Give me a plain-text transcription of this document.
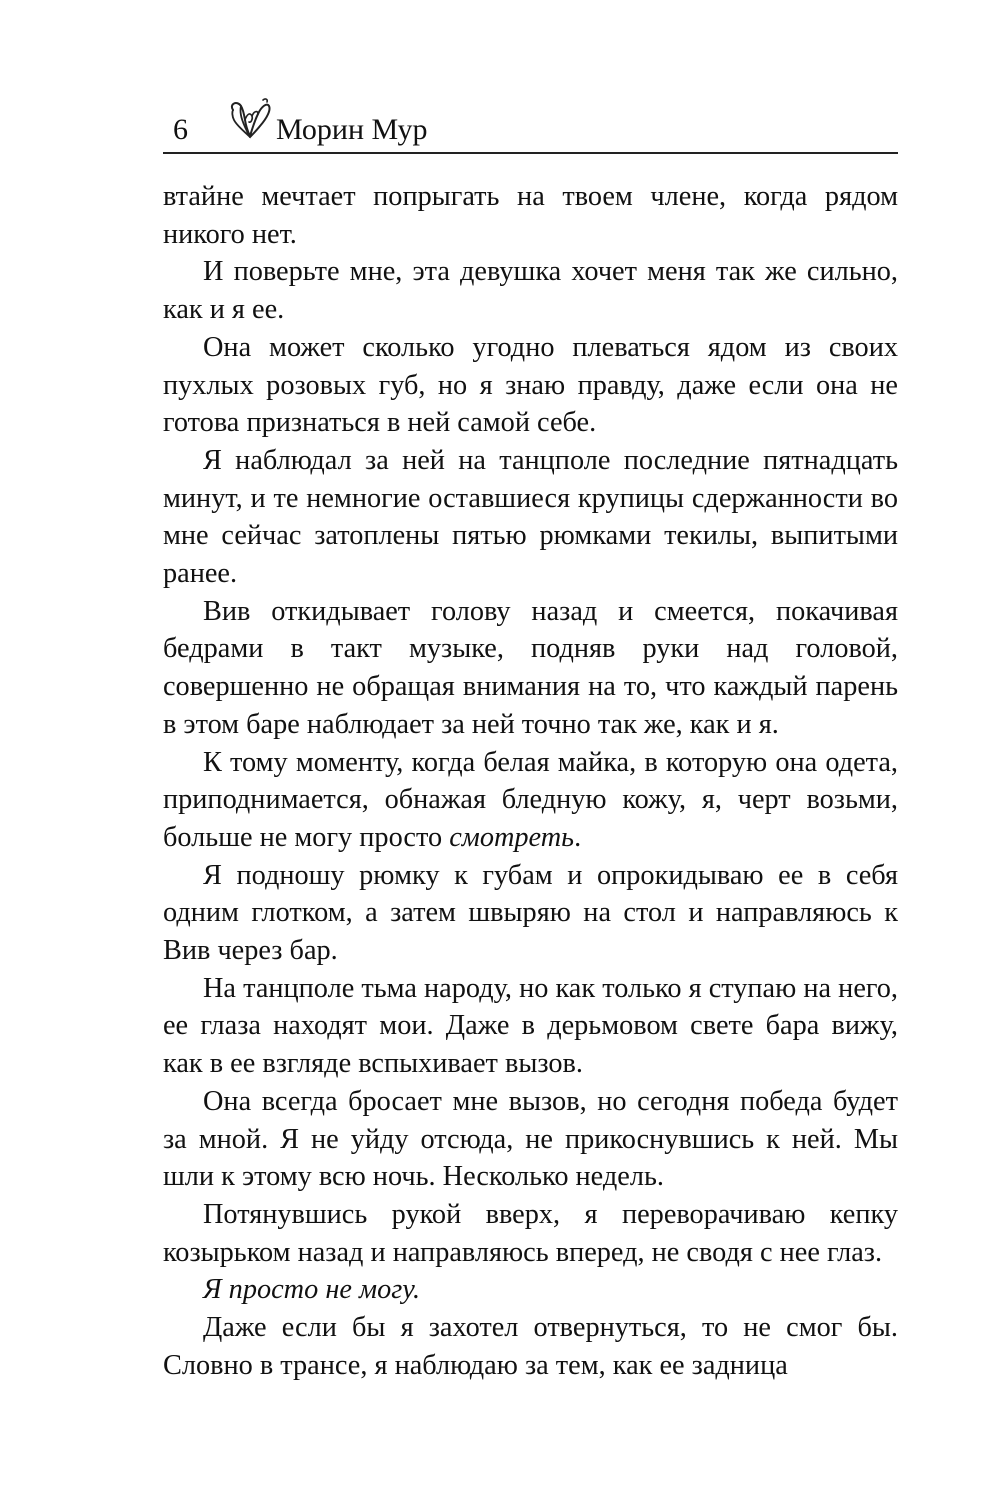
6	Морин Мур

втайне мечтает попрыгать на твоем члене, когда рядом никого нет.

И поверьте мне, эта девушка хочет меня так же сильно, как и я ее.

Она может сколько угодно плеваться ядом из своих пухлых розовых губ, но я знаю правду, даже если она не готова признаться в ней самой себе.

Я наблюдал за ней на танцполе последние пятнадцать минут, и те немногие оставшиеся крупицы сдержанности во мне сейчас затоплены пятью рюмками текилы, выпитыми ранее.

Вив откидывает голову назад и смеется, покачивая бедрами в такт музыке, подняв руки над головой, совершенно не обращая внимания на то, что каждый парень в этом баре наблюдает за ней точно так же, как и я.

К тому моменту, когда белая майка, в которую она одета, приподнимается, обнажая бледную кожу, я, черт возьми, больше не могу просто смотреть.

Я подношу рюмку к губам и опрокидываю ее в себя одним глотком, а затем швыряю на стол и направляюсь к Вив через бар.

На танцполе тьма народу, но как только я ступаю на него, ее глаза находят мои. Даже в дерьмовом свете бара вижу, как в ее взгляде вспыхивает вызов.

Она всегда бросает мне вызов, но сегодня победа будет за мной. Я не уйду отсюда, не прикоснувшись к ней. Мы шли к этому всю ночь. Несколько недель.

Потянувшись рукой вверх, я переворачиваю кепку козырьком назад и направляюсь вперед, не сводя с нее глаз.

Я просто не могу.

Даже если бы я захотел отвернуться, то не смог бы. Словно в трансе, я наблюдаю за тем, как ее задница
